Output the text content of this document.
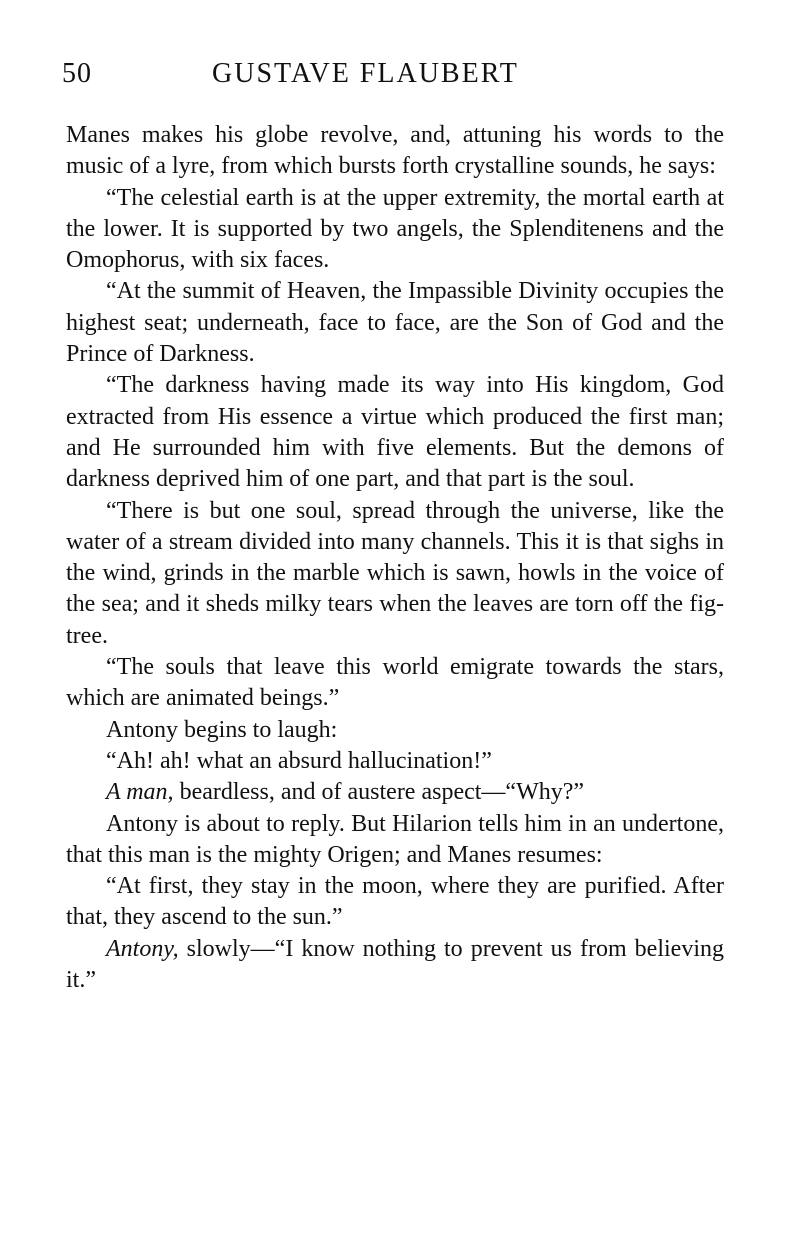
50	GUSTAVE FLAUBERT

Manes makes his globe revolve, and, attuning his words to the music of a lyre, from which bursts forth crystalline sounds, he says:

“The celestial earth is at the upper extremity, the mortal earth at the lower. It is supported by two angels, the Splenditenens and the Omophorus, with six faces.

“At the summit of Heaven, the Impassible Divinity occupies the highest seat; underneath, face to face, are the Son of God and the Prince of Darkness.

“The darkness having made its way into His kingdom, God extracted from His essence a virtue which produced the first man; and He surrounded him with five elements. But the demons of darkness deprived him of one part, and that part is the soul.

“There is but one soul, spread through the universe, like the water of a stream divided into many channels. This it is that sighs in the wind, grinds in the marble which is sawn, howls in the voice of the sea; and it sheds milky tears when the leaves are torn off the fig-tree.

“The souls that leave this world emigrate towards the stars, which are animated beings.”

Antony begins to laugh:

“Ah! ah! what an absurd hallucination!”

A man, beardless, and of austere aspect—“Why?”

Antony is about to reply. But Hilarion tells him in an undertone, that this man is the mighty Origen; and Manes resumes:

“At first, they stay in the moon, where they are purified. After that, they ascend to the sun.”

Antony, slowly—“I know nothing to prevent us from believing it.”
